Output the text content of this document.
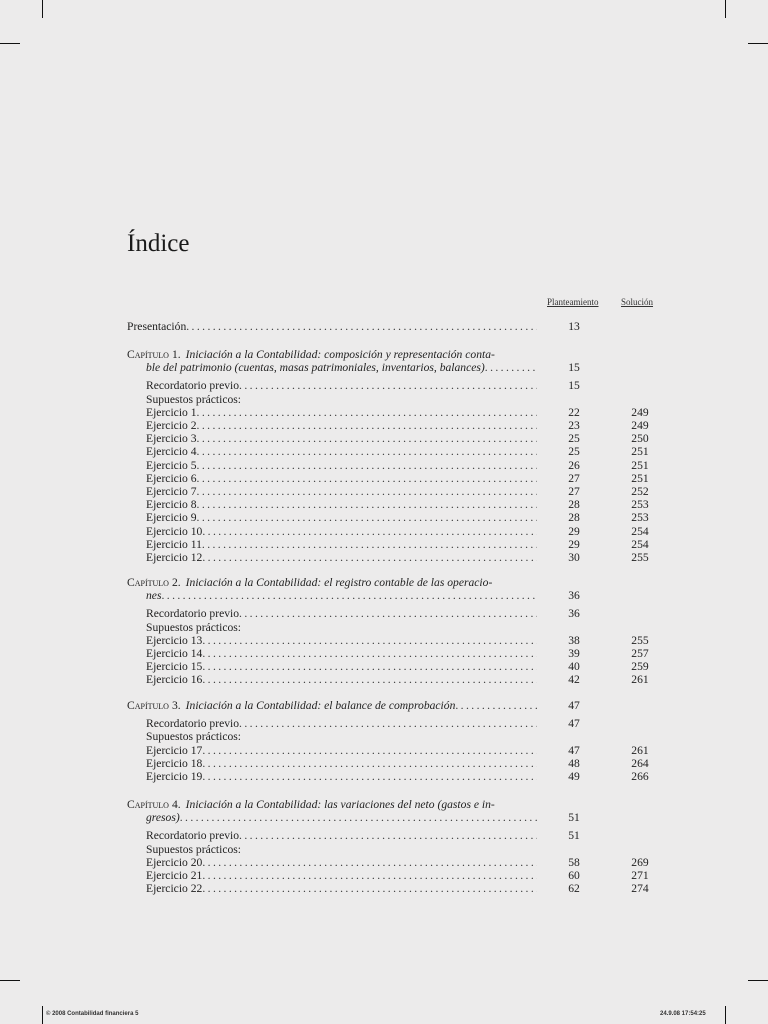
Índice
Planteamiento	Solución
Presentación .....	13
Capítulo 1. Iniciación a la Contabilidad: composición y representación conta-
ble del patrimonio (cuentas, masas patrimoniales, inventarios, balances) .....	15
Recordatorio previo .....	15
Supuestos prácticos:
Ejercicio 1 .....	22	249
Ejercicio 2 .....	23	249
Ejercicio 3 .....	25	250
Ejercicio 4 .....	25	251
Ejercicio 5 .....	26	251
Ejercicio 6 .....	27	251
Ejercicio 7 .....	27	252
Ejercicio 8 .....	28	253
Ejercicio 9 .....	28	253
Ejercicio 10 .....	29	254
Ejercicio 11 .....	29	254
Ejercicio 12 .....	30	255
Capítulo 2. Iniciación a la Contabilidad: el registro contable de las operacio-
nes .....	36
Recordatorio previo .....	36
Supuestos prácticos:
Ejercicio 13 .....	38	255
Ejercicio 14 .....	39	257
Ejercicio 15 .....	40	259
Ejercicio 16 .....	42	261
Capítulo 3. Iniciación a la Contabilidad: el balance de comprobación .....	47
Recordatorio previo .....	47
Supuestos prácticos:
Ejercicio 17 .....	47	261
Ejercicio 18 .....	48	264
Ejercicio 19 .....	49	266
Capítulo 4. Iniciación a la Contabilidad: las variaciones del neto (gastos e in-
gresos) .....	51
Recordatorio previo .....	51
Supuestos prácticos:
Ejercicio 20 .....	58	269
Ejercicio 21 .....	60	271
Ejercicio 22 .....	62	274
© 2008 Contabilidad financiera 5	24.9.08 17:54:25
